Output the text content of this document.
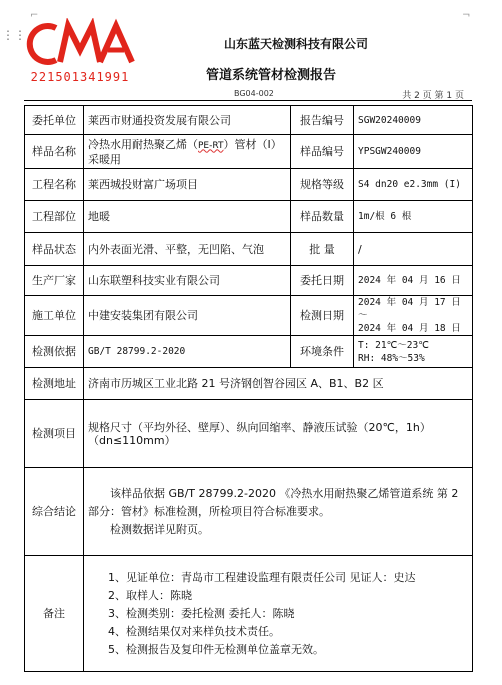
⌐	¬
⋮⋮
221501341991
山东蓝天检测科技有限公司
管道系统管材检测报告
BG04-002	共 2 页 第 1 页
委托单位	莱西市财通投资发展有限公司	报告编号	SGW20240009
样品名称	冷热水用耐热聚乙烯（PE-RT）管材（I）采暖用	样品编号	YPSGW240009
工程名称	莱西城投财富广场项目	规格等级	S4 dn20 e2.3mm (I)
工程部位	地暖	样品数量	1m/根 6 根
样品状态	内外表面光滑、平整，无凹陷、气泡	批 量	/
生产厂家	山东联塑科技实业有限公司	委托日期	2024 年 04 月 16 日
施工单位	中建安装集团有限公司	检测日期	2024 年 04 月 17 日～
2024 年 04 月 18 日

检测依据	GB/T 28799.2-2020	环境条件	T: 21℃～23℃
RH: 48%～53%

检测地址	济南市历城区工业北路 21 号济钢创智谷园区 A、B1、B2 区		
检测项目	规格尺寸（平均外径、壁厚）、纵向回缩率、静液压试验（20℃，1h）（dn≤110mm）		
综合结论	该样品依据 GB/T 28799.2-2020 《冷热水用耐热聚乙烯管道系统 第 2 部分：管材》标准检测，所检项目符合标准要求。

检测数据详见附页。		

备注	1、见证单位：青岛市工程建设监理有限责任公司 见证人：史达
2、取样人：陈晓
3、检测类别：委托检测 委托人：陈晓
4、检测结果仅对来样负技术责任。
5、检测报告及复印件无检测单位盖章无效。		
